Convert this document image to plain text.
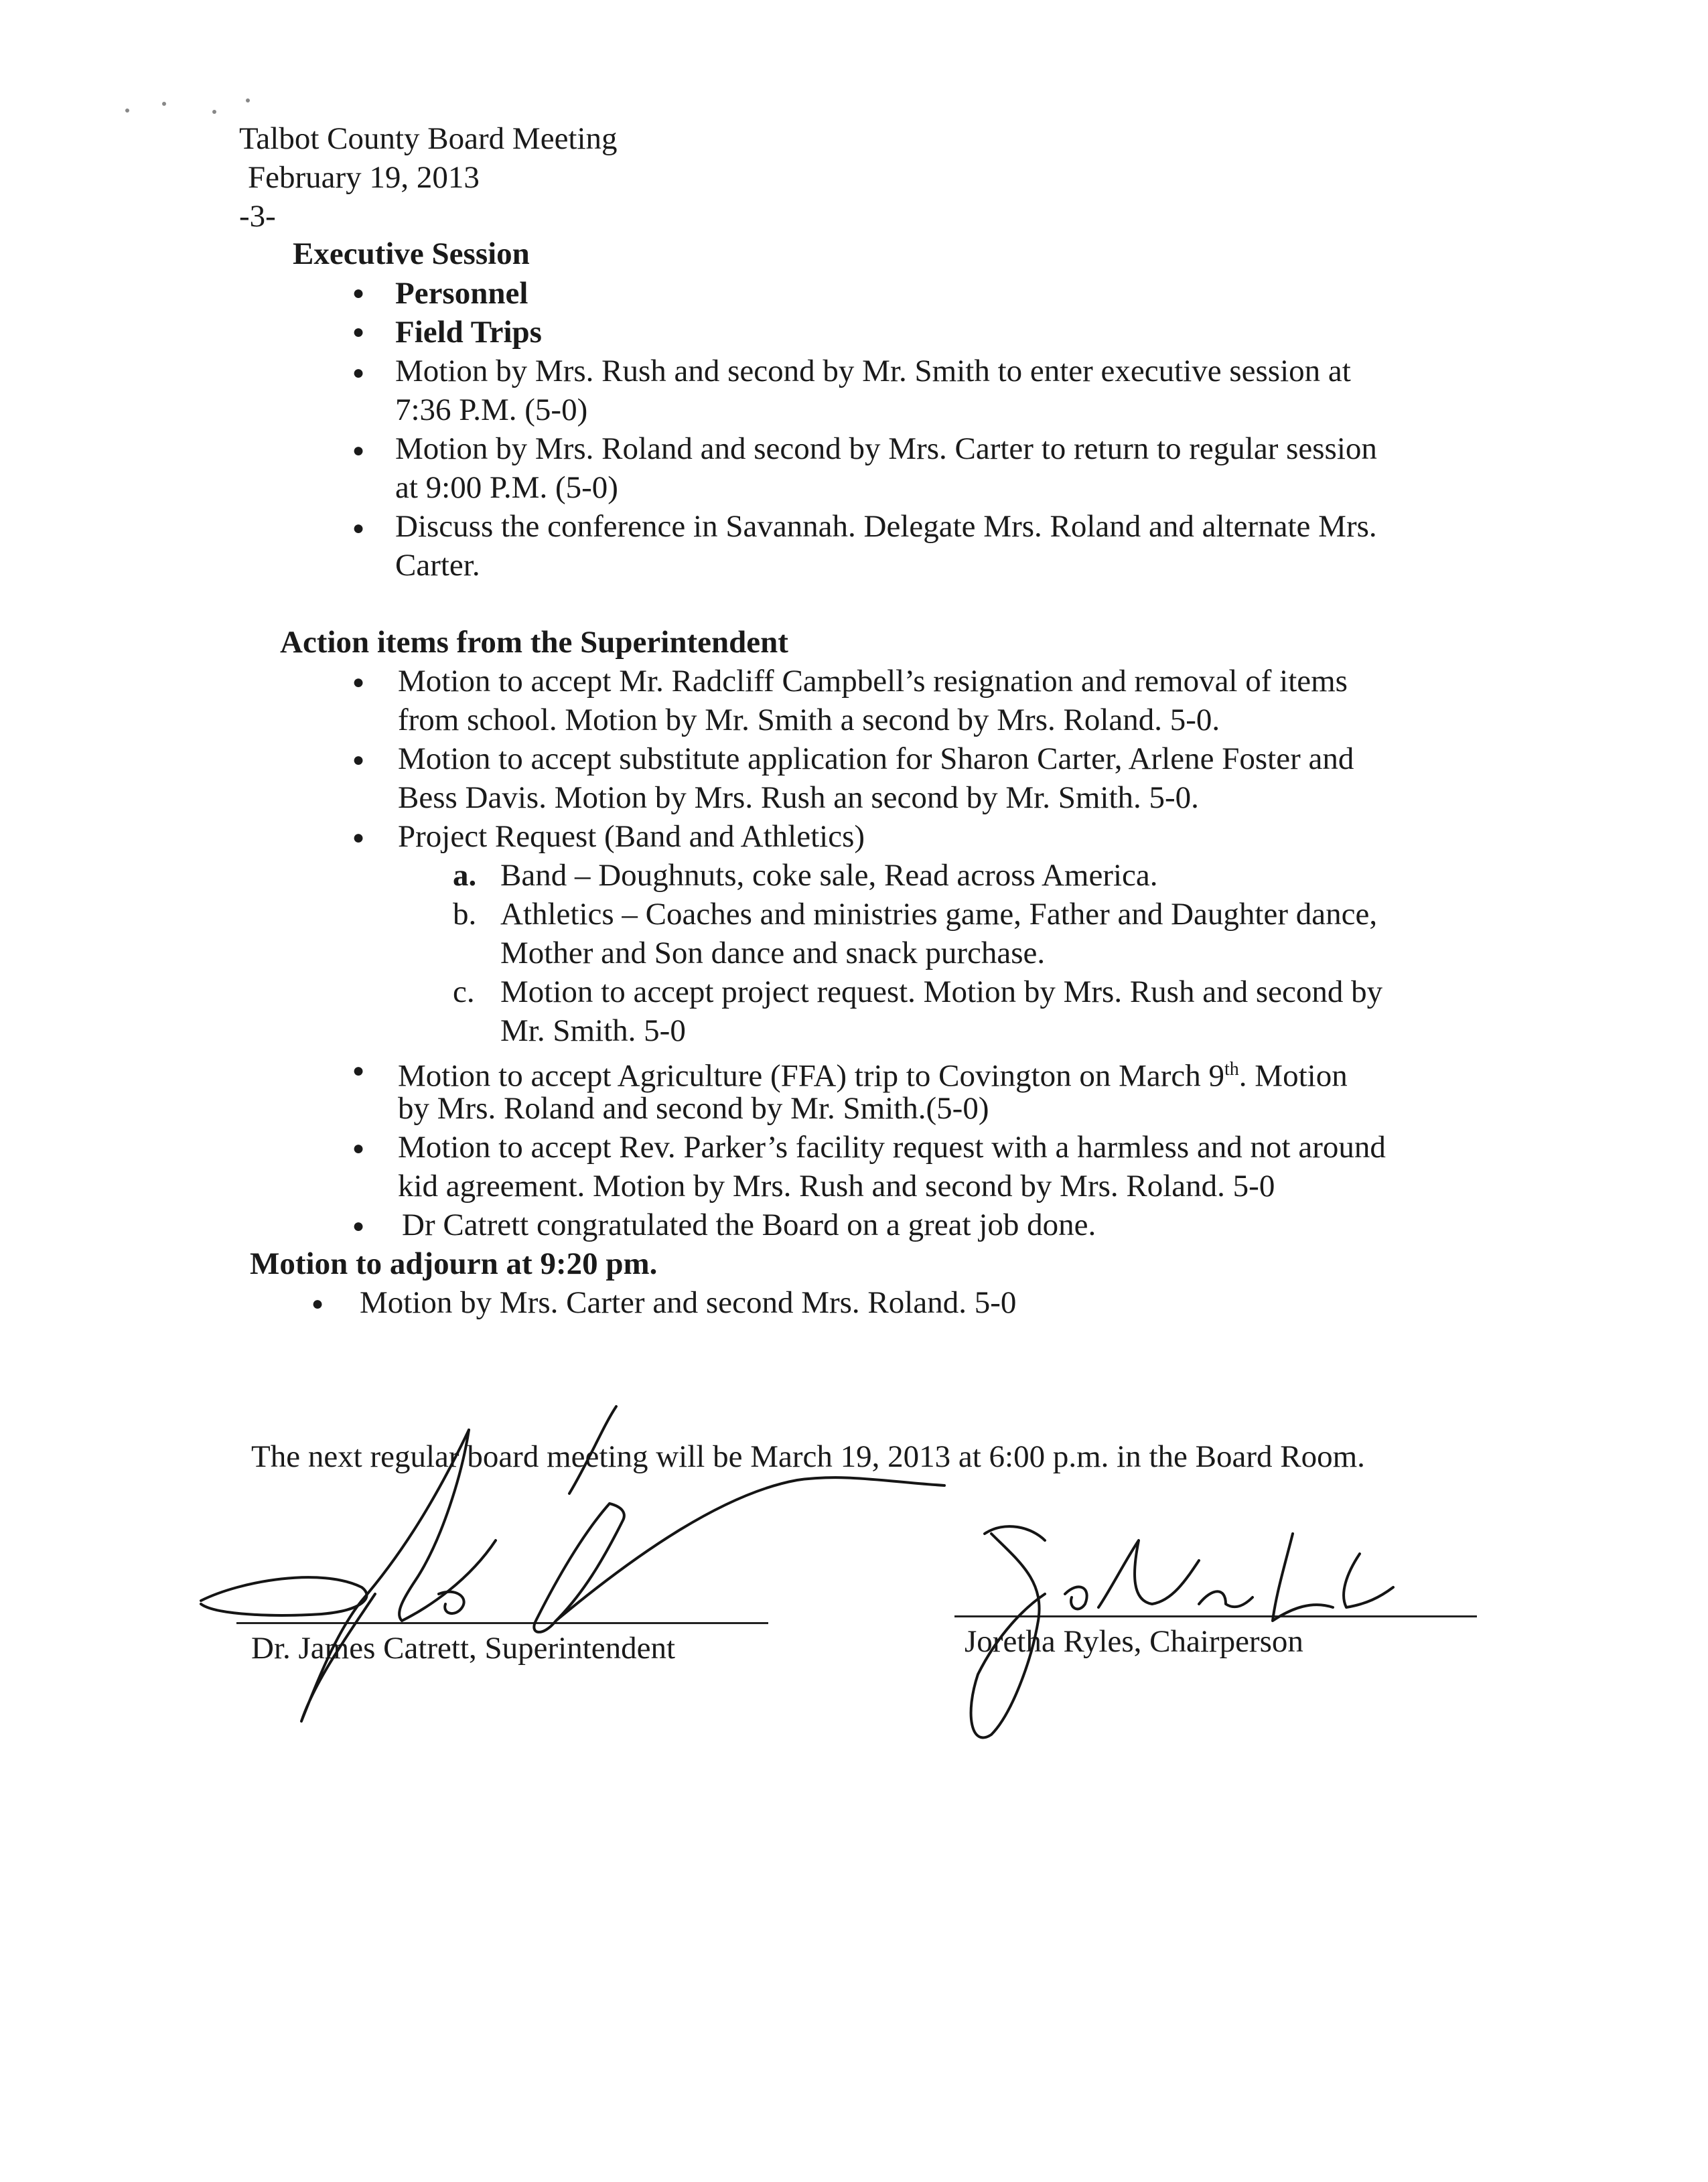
Talbot County Board Meeting
February 19, 2013
-3-
Executive Session
● Personnel
● Field Trips
● Motion by Mrs. Rush and second by Mr. Smith to enter executive session at
7:36 P.M. (5-0)
● Motion by Mrs. Roland and second by Mrs. Carter to return to regular session
at 9:00 P.M. (5-0)
● Discuss the conference in Savannah. Delegate Mrs. Roland and alternate Mrs.
Carter.
Action items from the Superintendent
● Motion to accept Mr. Radcliff Campbell’s resignation and removal of items
from school. Motion by Mr. Smith a second by Mrs. Roland. 5-0.
● Motion to accept substitute application for Sharon Carter, Arlene Foster and
Bess Davis. Motion by Mrs. Rush an second by Mr. Smith. 5-0.
● Project Request (Band and Athletics)
a. Band – Doughnuts, coke sale, Read across America.
b. Athletics – Coaches and ministries game, Father and Daughter dance,
Mother and Son dance and snack purchase.
c. Motion to accept project request. Motion by Mrs. Rush and second by
Mr. Smith. 5-0
● Motion to accept Agriculture (FFA) trip to Covington on March 9th. Motion
by Mrs. Roland and second by Mr. Smith.(5-0)
● Motion to accept Rev. Parker’s facility request with a harmless and not around
kid agreement. Motion by Mrs. Rush and second by Mrs. Roland. 5-0
● Dr Catrett congratulated the Board on a great job done.
Motion to adjourn at 9:20 pm.
● Motion by Mrs. Carter and second Mrs. Roland. 5-0
The next regular board meeting will be March 19, 2013 at 6:00 p.m. in the Board Room.
Dr. James Catrett, Superintendent	Joretha Ryles, Chairperson
